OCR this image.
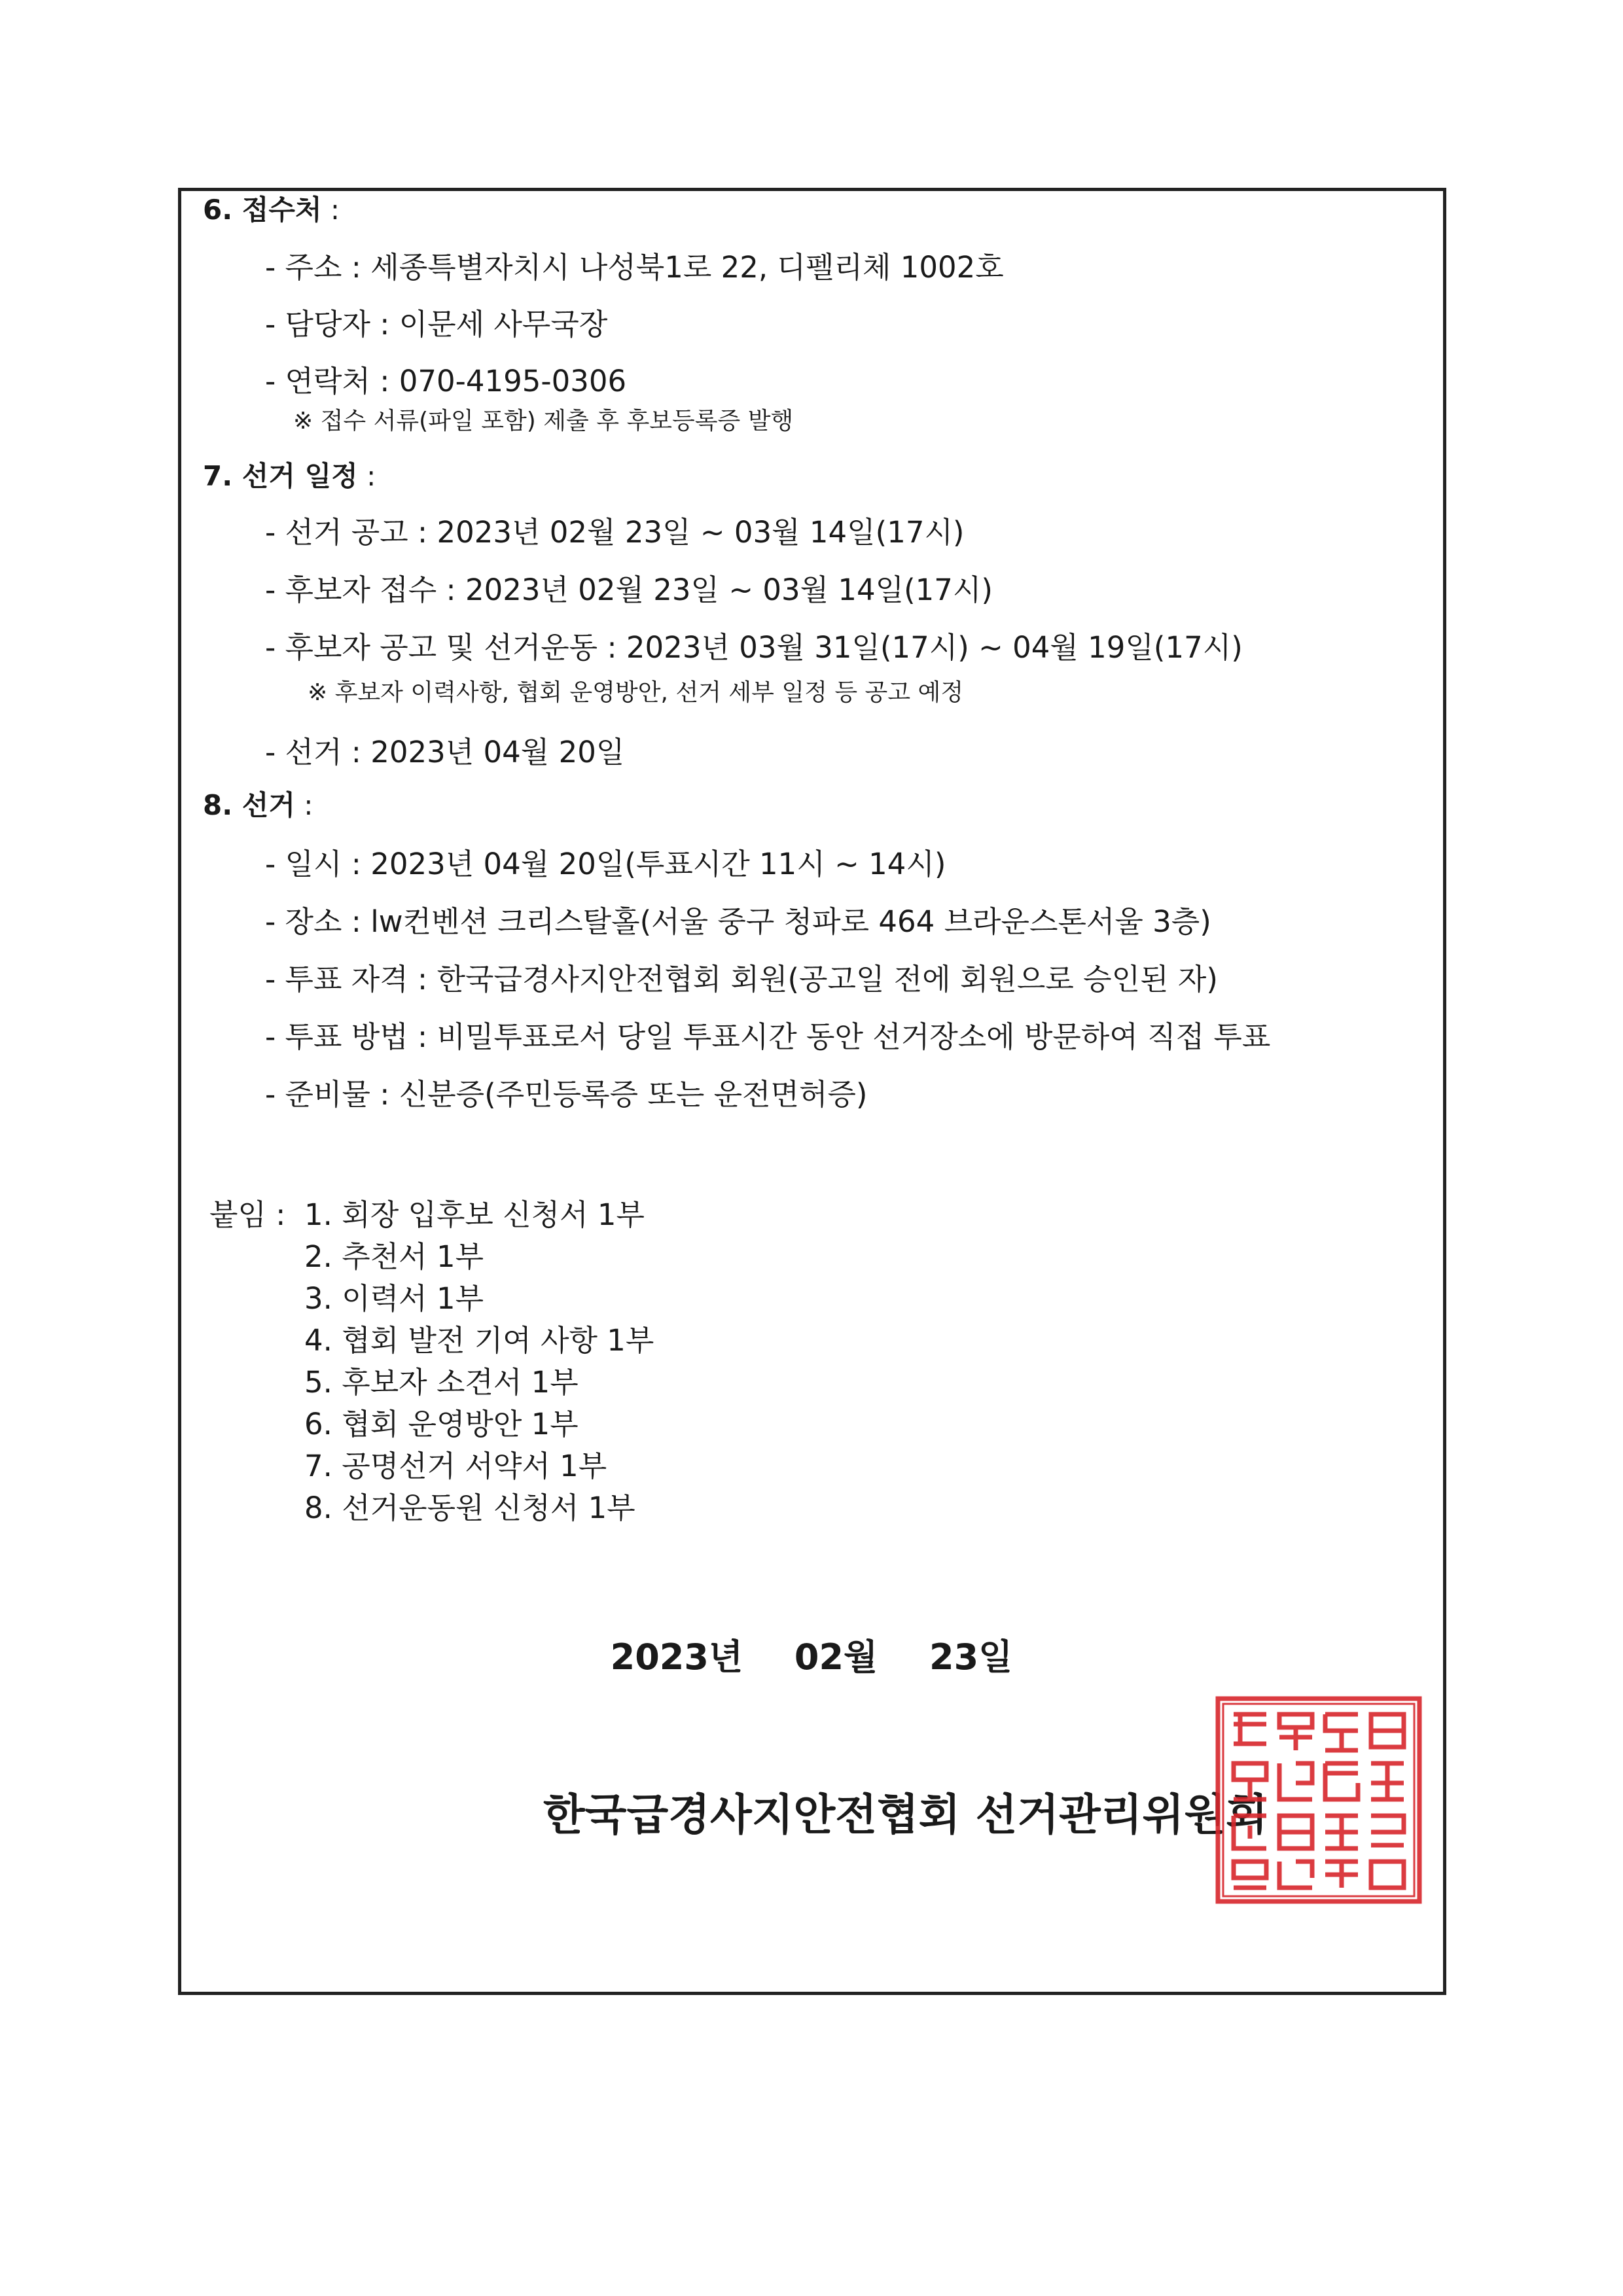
6. 접수처 :
- 주소 : 세종특별자치시 나성북1로 22, 디펠리체 1002호
- 담당자 : 이문세 사무국장
- 연락처 : 070-4195-0306
※ 접수 서류(파일 포함) 제출 후 후보등록증 발행
7. 선거 일정 :
- 선거 공고 : 2023년 02월 23일 ~ 03월 14일(17시)
- 후보자 접수 : 2023년 02월 23일 ~ 03월 14일(17시)
- 후보자 공고 및 선거운동 : 2023년 03월 31일(17시) ~ 04월 19일(17시)
※ 후보자 이력사항, 협회 운영방안, 선거 세부 일정 등 공고 예정
- 선거 : 2023년 04월 20일
8. 선거 :
- 일시 : 2023년 04월 20일(투표시간 11시 ~ 14시)
- 장소 : lw컨벤션 크리스탈홀(서울 중구 청파로 464 브라운스톤서울 3층)
- 투표 자격 : 한국급경사지안전협회 회원(공고일 전에 회원으로 승인된 자)
- 투표 방법 : 비밀투표로서 당일 투표시간 동안 선거장소에 방문하여 직접 투표
- 준비물 : 신분증(주민등록증 또는 운전면허증)
붙임 : 1. 회장 입후보 신청서 1부
2. 추천서 1부
3. 이력서 1부
4. 협회 발전 기여 사항 1부
5. 후보자 소견서 1부
6. 협회 운영방안 1부
7. 공명선거 서약서 1부
8. 선거운동원 신청서 1부
2023년 02월 23일
한국급경사지안전협회 선거관리위원회
